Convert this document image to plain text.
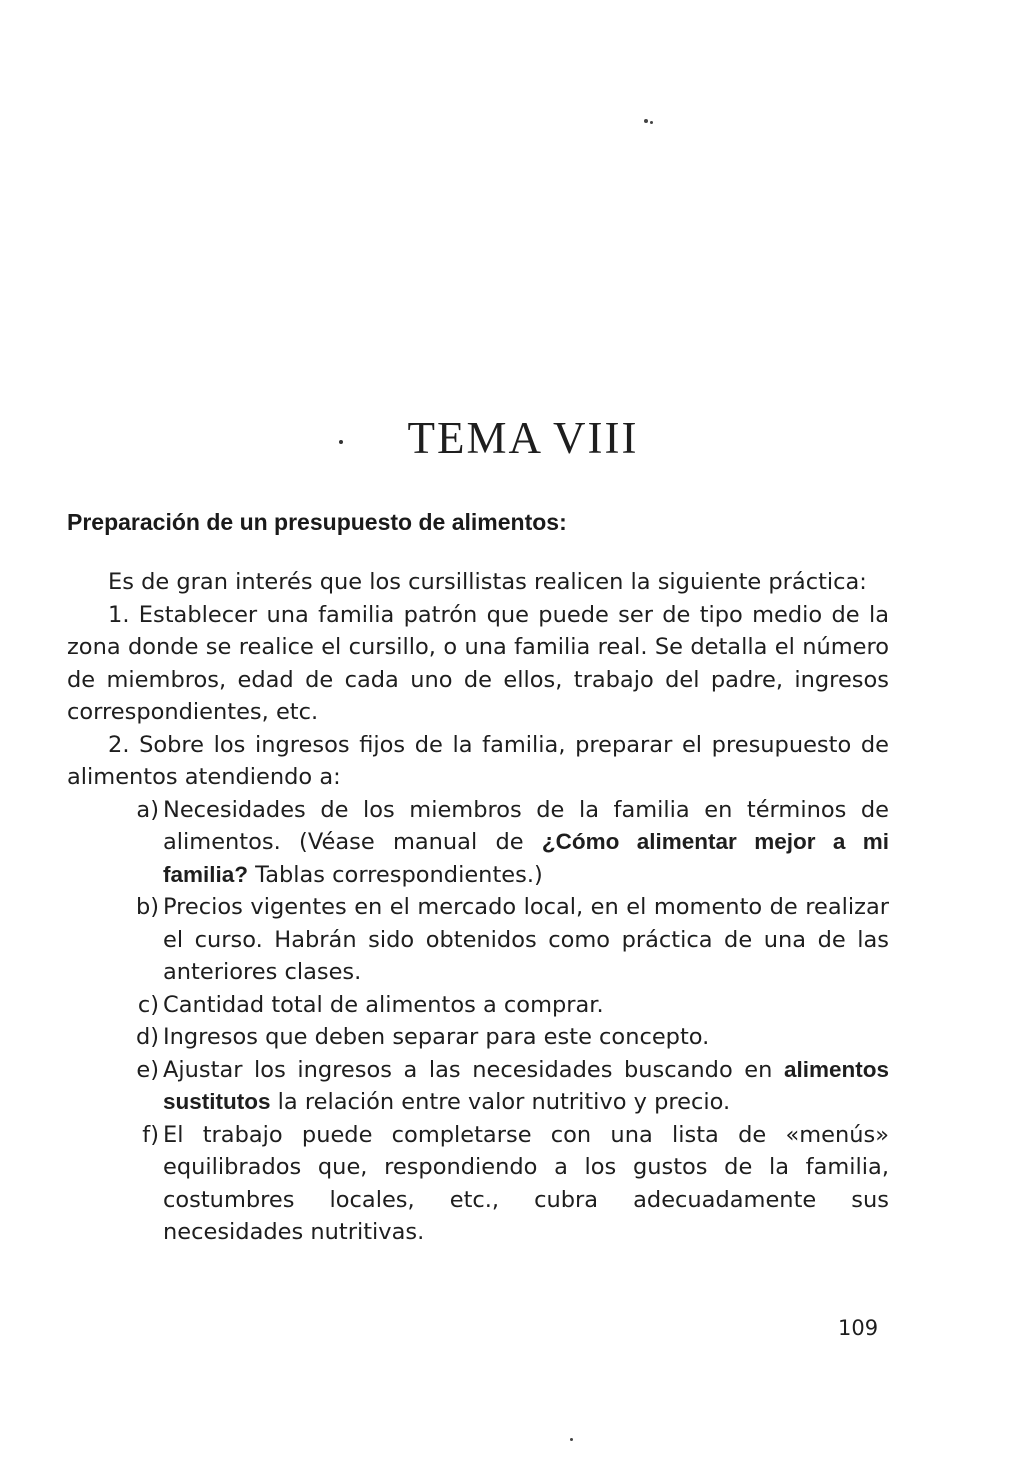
TEMA VIII
Preparación de un presupuesto de alimentos:

Es de gran interés que los cursillistas realicen la siguiente práctica:

1. Establecer una familia patrón que puede ser de tipo medio de la zona donde se realice el cursillo, o una familia real. Se detalla el número de miembros, edad de cada uno de ellos, trabajo del padre, ingresos correspondientes, etc.

2. Sobre los ingresos fijos de la familia, preparar el presupuesto de alimentos atendiendo a:

a) Necesidades de los miembros de la familia en términos de alimentos. (Véase manual de ¿Cómo alimentar mejor a mi familia? Tablas correspondientes.)
b) Precios vigentes en el mercado local, en el momento de realizar el curso. Habrán sido obtenidos como práctica de una de las anteriores clases.
c) Cantidad total de alimentos a comprar.
d) Ingresos que deben separar para este concepto.
e) Ajustar los ingresos a las necesidades buscando en alimentos sustitutos la relación entre valor nutritivo y precio.
f) El trabajo puede completarse con una lista de «menús» equilibrados que, respondiendo a los gustos de la familia, costumbres locales, etc., cubra adecuadamente sus necesidades nutritivas.
109
